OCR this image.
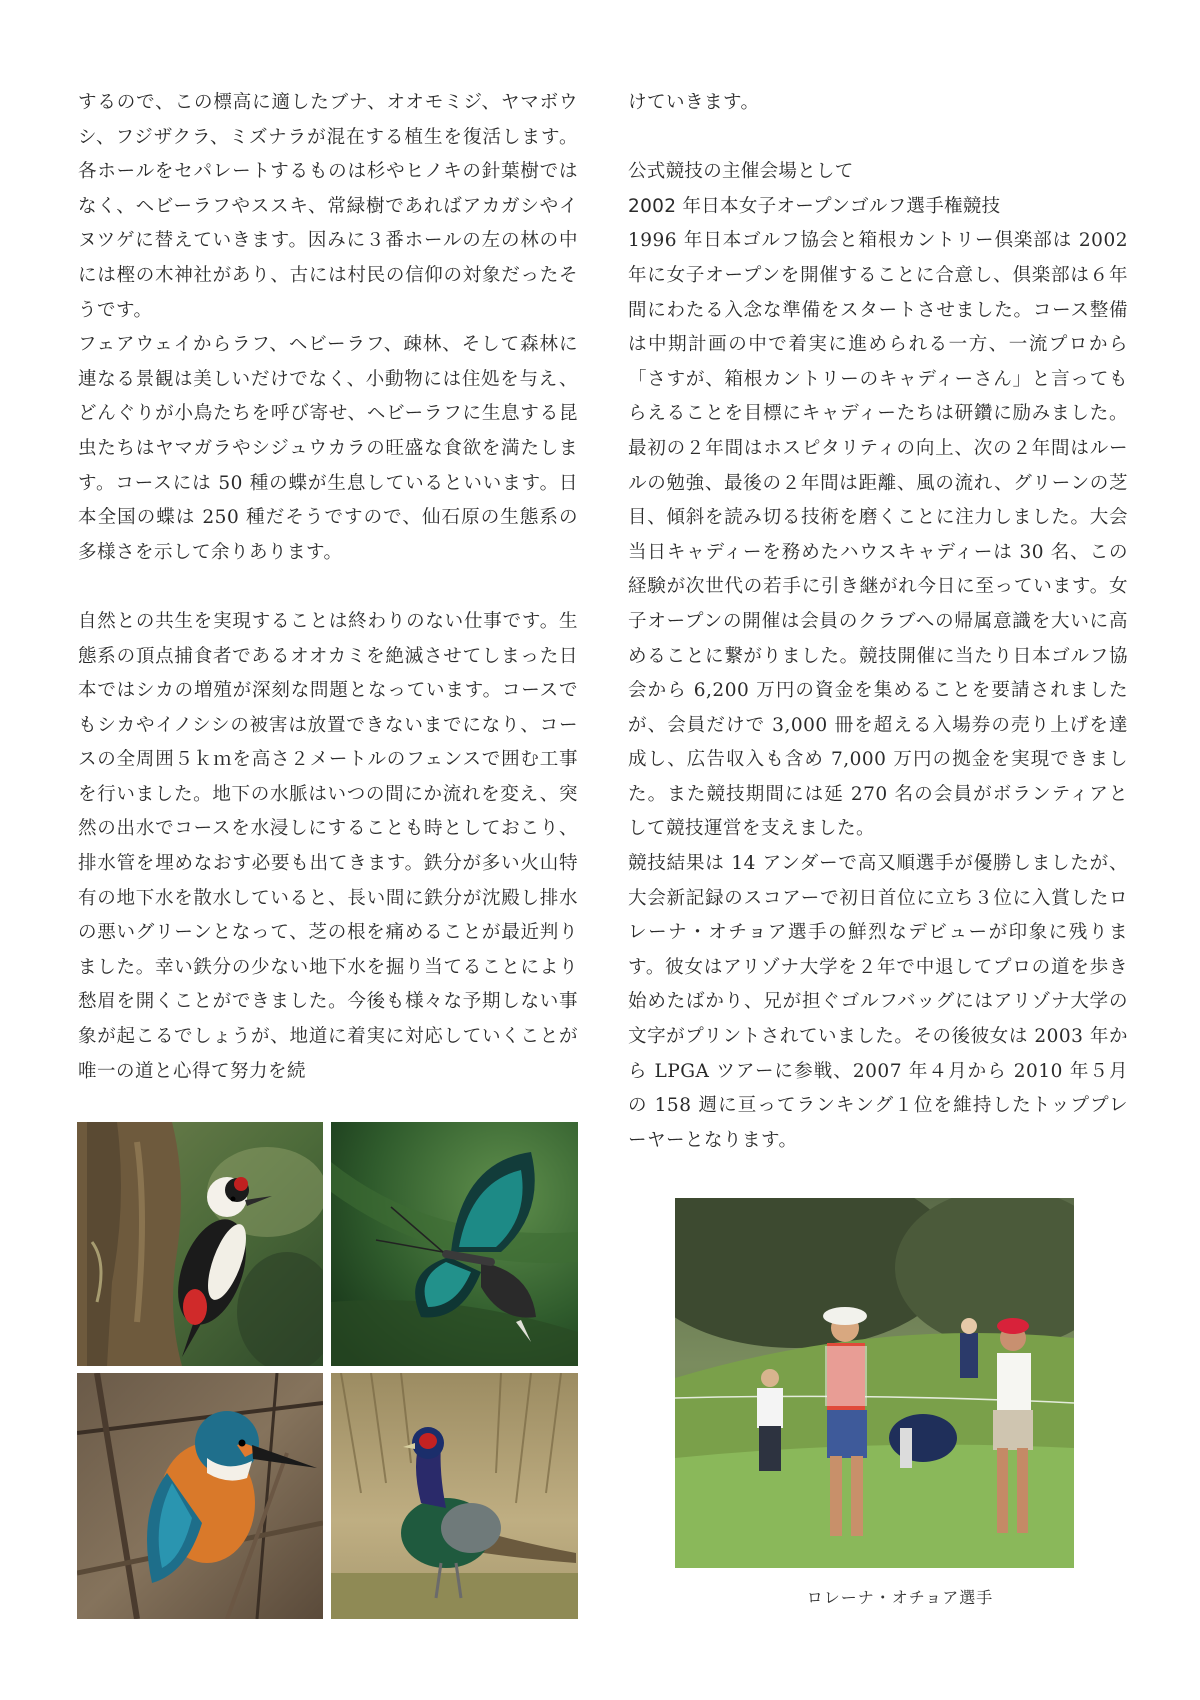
するので、この標高に適したブナ、オオモミジ、ヤマボウシ、フジザクラ、ミズナラが混在する植生を復活します。各ホールをセパレートするものは杉やヒノキの針葉樹ではなく、ヘビーラフやススキ、常緑樹であればアカガシやイヌツゲに替えていきます。因みに３番ホールの左の林の中には樫の木神社があり、古には村民の信仰の対象だったそうです。

フェアウェイからラフ、ヘビーラフ、疎林、そして森林に連なる景観は美しいだけでなく、小動物には住処を与え、どんぐりが小鳥たちを呼び寄せ、ヘビーラフに生息する昆虫たちはヤマガラやシジュウカラの旺盛な食欲を満たします。コースには 50 種の蝶が生息しているといいます。日本全国の蝶は 250 種だそうですので、仙石原の生態系の多様さを示して余りあります。

自然との共生を実現することは終わりのない仕事です。生態系の頂点捕食者であるオオカミを絶滅させてしまった日本ではシカの増殖が深刻な問題となっています。コースでもシカやイノシシの被害は放置できないまでになり、コースの全周囲５ｋｍを高さ２メートルのフェンスで囲む工事を行いました。地下の水脈はいつの間にか流れを変え、突然の出水でコースを水浸しにすることも時としておこり、排水管を埋めなおす必要も出てきます。鉄分が多い火山特有の地下水を散水していると、長い間に鉄分が沈殿し排水の悪いグリーンとなって、芝の根を痛めることが最近判りました。幸い鉄分の少ない地下水を掘り当てることにより愁眉を開くことができました。今後も様々な予期しない事象が起こるでしょうが、地道に着実に対応していくことが唯一の道と心得て努力を続

けていきます。

公式競技の主催会場として

2002 年日本女子オープンゴルフ選手権競技

1996 年日本ゴルフ協会と箱根カントリー倶楽部は 2002 年に女子オープンを開催することに合意し、倶楽部は６年間にわたる入念な準備をスタートさせました。コース整備は中期計画の中で着実に進められる一方、一流プロから「さすが、箱根カントリーのキャディーさん」と言ってもらえることを目標にキャディーたちは研鑽に励みました。最初の２年間はホスピタリティの向上、次の２年間はルールの勉強、最後の２年間は距離、風の流れ、グリーンの芝目、傾斜を読み切る技術を磨くことに注力しました。大会当日キャディーを務めたハウスキャディーは 30 名、この経験が次世代の若手に引き継がれ今日に至っています。女子オープンの開催は会員のクラブへの帰属意識を大いに高めることに繋がりました。競技開催に当たり日本ゴルフ協会から 6,200 万円の資金を集めることを要請されましたが、会員だけで 3,000 冊を超える入場券の売り上げを達成し、広告収入も含め 7,000 万円の拠金を実現できました。また競技期間には延 270 名の会員がボランティアとして競技運営を支えました。

競技結果は 14 アンダーで高又順選手が優勝しましたが、大会新記録のスコアーで初日首位に立ち３位に入賞したロレーナ・オチョア選手の鮮烈なデビューが印象に残ります。彼女はアリゾナ大学を２年で中退してプロの道を歩き始めたばかり、兄が担ぐゴルフバッグにはアリゾナ大学の文字がプリントされていました。その後彼女は 2003 年から LPGA ツアーに参戦、2007 年４月から 2010 年５月の 158 週に亘ってランキング１位を維持したトッププレーヤーとなります。

ロレーナ・オチョア選手
